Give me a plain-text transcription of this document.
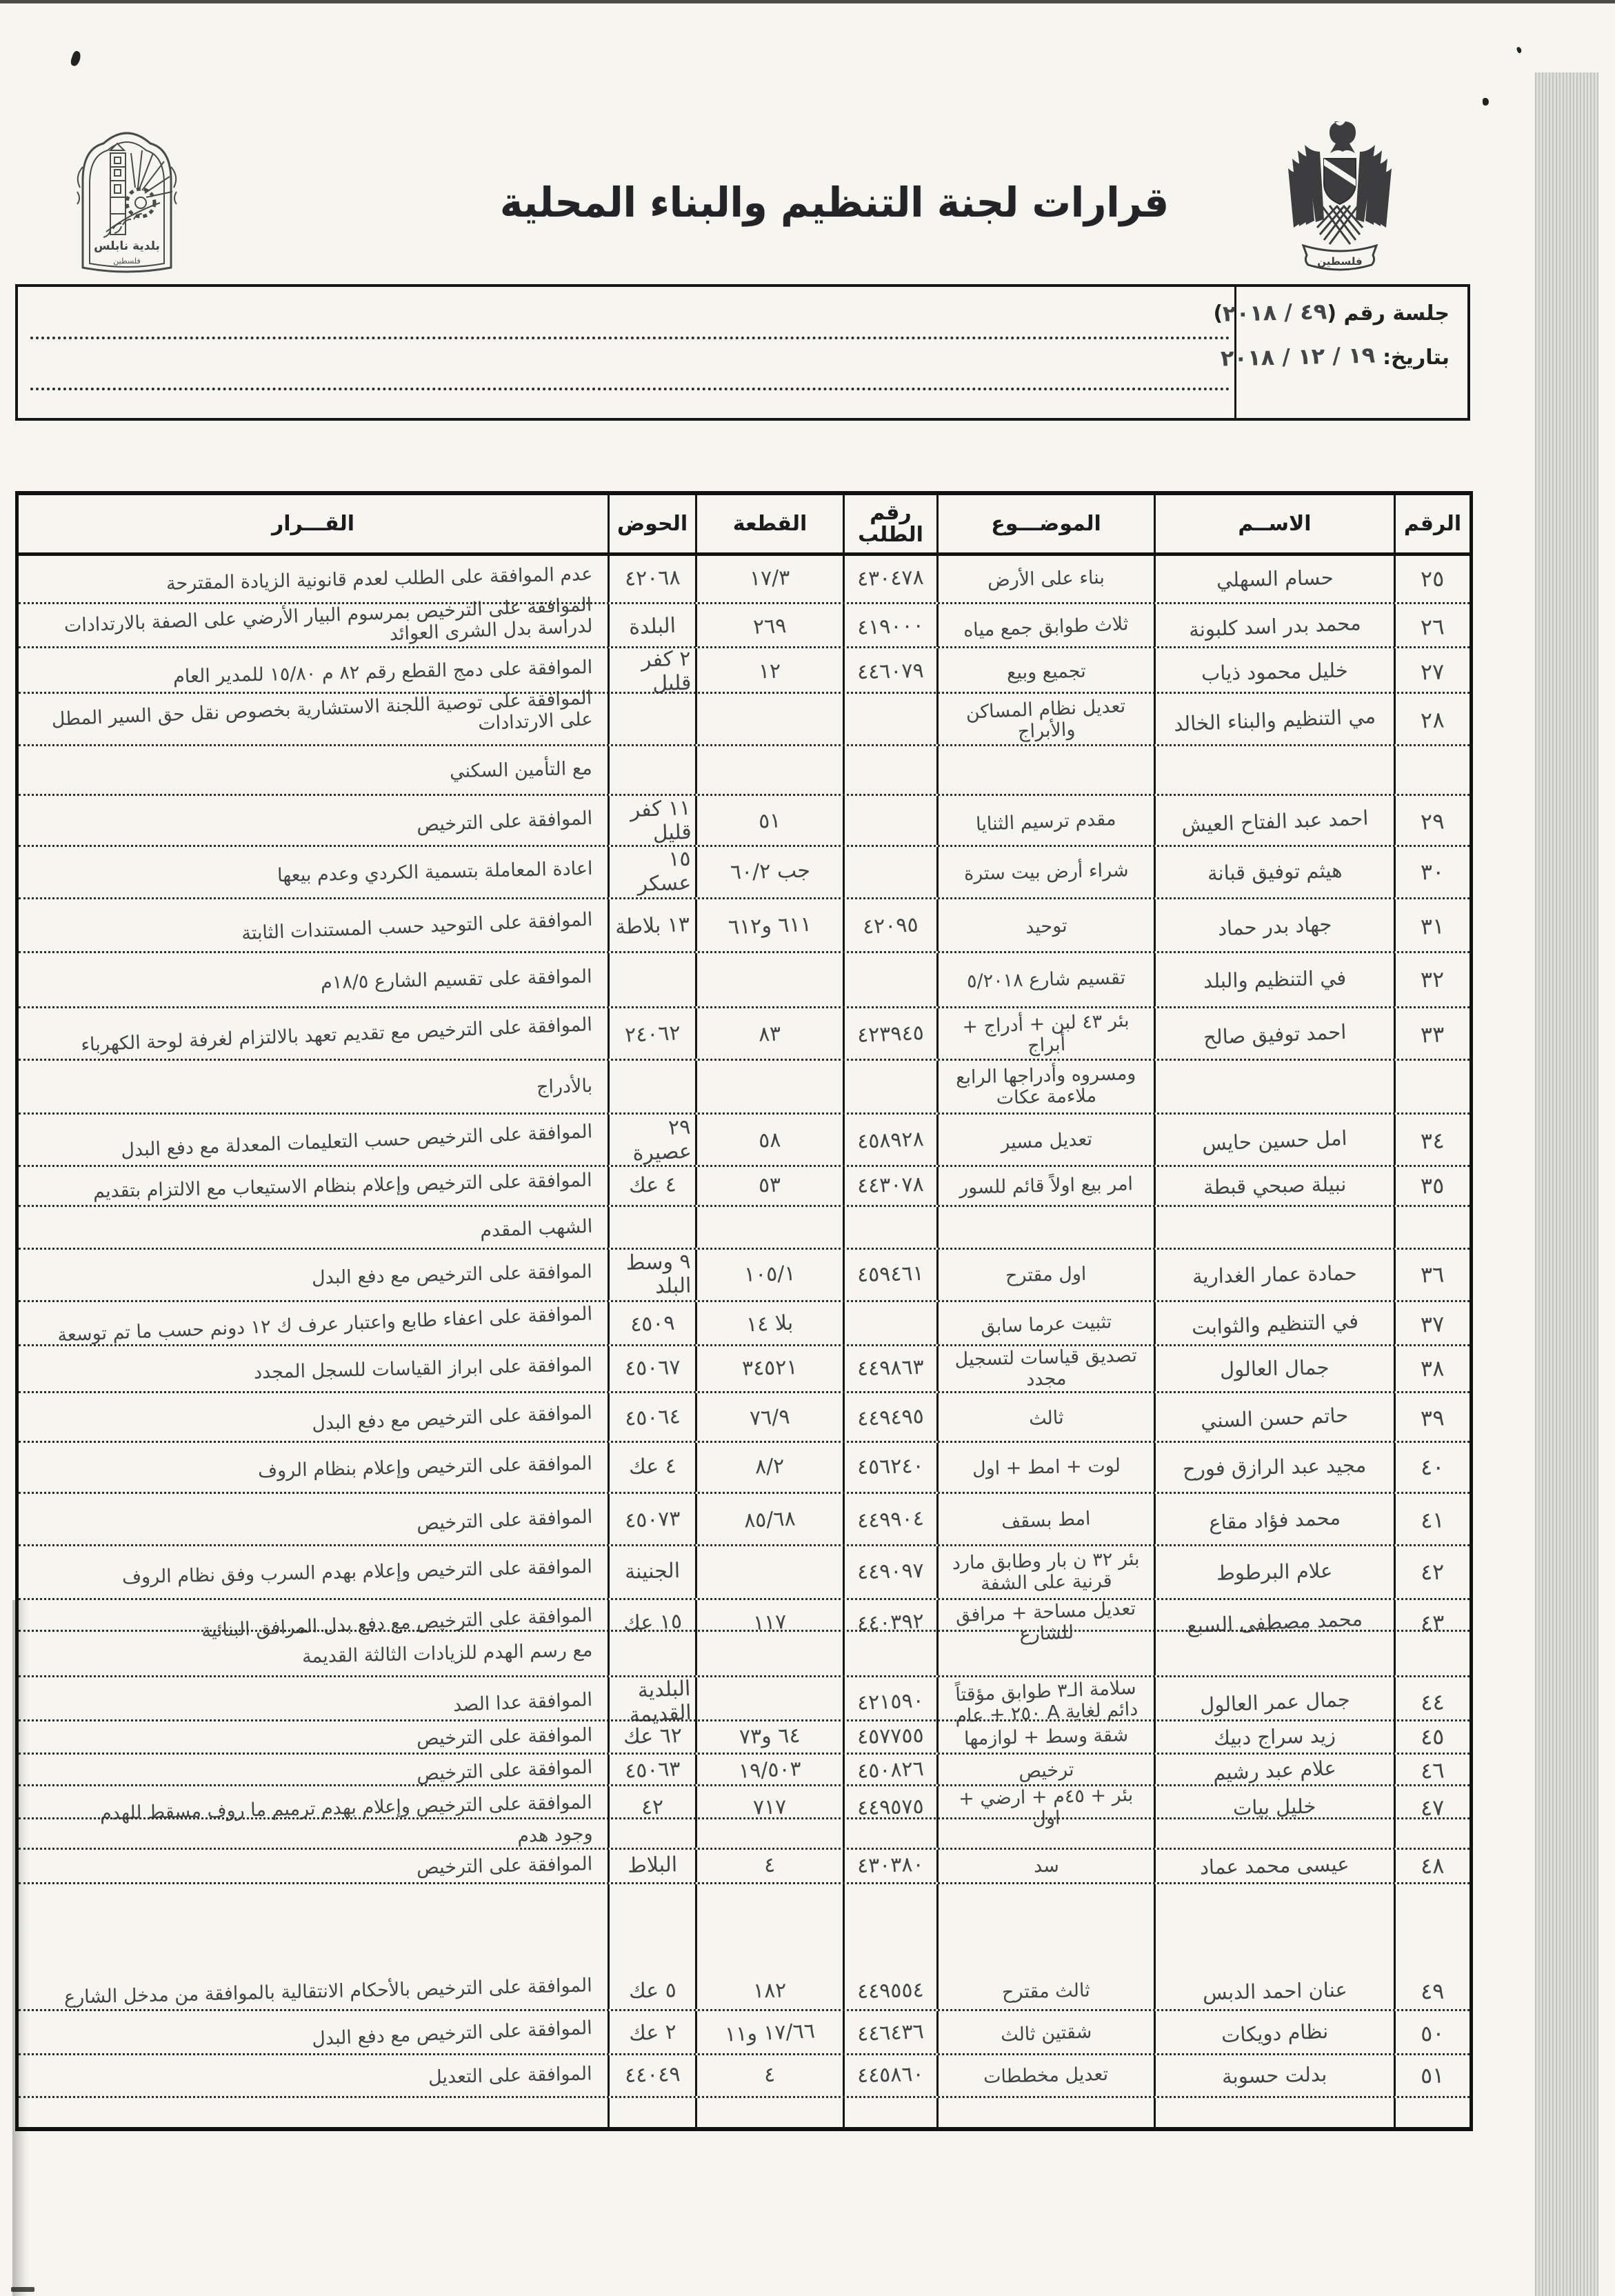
بلدية نابلس
فلسطين
قرارات لجنة التنظيم والبناء المحلية
فلسطين
جلسة رقم (٤٩ / ٢٠١٨)
بتاريخ: ١٩ / ١٢ / ٢٠١٨
الرقم
الاســم
الموضـــوع
رقم
الطلب
القطعة
الحوض
القـــرار
٢٥
حسام السهلي
بناء على الأرض
٤٣٠٤٧٨
١٧/٣
٤٢٠٦٨
عدم الموافقة على الطلب لعدم قانونية الزيادة المقترحة
٢٦
محمد بدر اسد كلبونة
ثلاث طوابق جمع مياه
٤١٩٠٠٠
٢٦٩
البلدة
الموافقة على الترخيص بمرسوم البيار الأرضي على الصفة بالارتدادات لدراسة بدل الشرى العوائد
٢٧
خليل محمود ذياب
تجميع وبيع
٤٤٦٠٧٩
١٢
٢ كفر قليل
الموافقة على دمج القطع رقم ٨٢ م ١٥/٨٠ للمدير العام
٢٨
مي التنظيم والبناء الخالد
تعديل نظام المساكن والأبراج
الموافقة على توصية اللجنة الاستشارية بخصوص نقل حق السير المطل على الارتدادات
مع التأمين السكني
٢٩
احمد عبد الفتاح العيش
مقدم ترسيم الثنايا
٥١
١١ كفر قليل
الموافقة على الترخيص
٣٠
هيثم توفيق قبانة
شراء أرض بيت سترة
جب ٦٠/٢
١٥ عسكر
اعادة المعاملة بتسمية الكردي وعدم بيعها
٣١
جهاد بدر حماد
توحيد
٤٢٠٩٥
٦١١ و٦١٢
١٣ بلاطة
الموافقة على التوحيد حسب المستندات الثابتة
٣٢
في التنظيم والبلد
تقسيم شارع ٥/٢٠١٨
الموافقة على تقسيم الشارع ١٨/٥م
٣٣
احمد توفيق صالح
بئر ٤٣ لبن + أدراج + أبراج
٤٢٣٩٤٥
٨٣
٢٤٠٦٢
الموافقة على الترخيص مع تقديم تعهد بالالتزام لغرفة لوحة الكهرباء
ومسروه وأدراجها الرابع ملاءمة عكات
بالأدراج
٣٤
امل حسين حايس
تعديل مسير
٤٥٨٩٢٨
٥٨
٢٩ عصيرة
الموافقة على الترخيص حسب التعليمات المعدلة مع دفع البدل
٣٥
نبيلة صبحي قبطة
امر بيع اولاً قائم للسور
٤٤٣٠٧٨
٥٣
٤ عك
الموافقة على الترخيص وإعلام بنظام الاستيعاب مع الالتزام بتقديم
الشهب المقدم
٣٦
حمادة عمار الغدارية
اول مقترح
٤٥٩٤٦١
١٠٥/١
٩ وسط البلد
الموافقة على الترخيص مع دفع البدل
٣٧
في التنظيم والثوابت
تثبيت عرما سابق
بلا ١٤
٤٥٠٩
الموافقة على اعفاء طابع واعتبار عرف ك ١٢ دونم حسب ما تم توسعة
٣٨
جمال العالول
تصديق قياسات لتسجيل مجدد
٤٤٩٨٦٣
٣٤٥٢١
٤٥٠٦٧
الموافقة على ابراز القياسات للسجل المجدد
٣٩
حاتم حسن السني
ثالث
٤٤٩٤٩٥
٧٦/٩
٤٥٠٦٤
الموافقة على الترخيص مع دفع البدل
٤٠
مجيد عبد الرازق فورح
لوت + امط + اول
٤٥٦٢٤٠
٨/٢
٤ عك
الموافقة على الترخيص وإعلام بنظام الروف
٤١
محمد فؤاد مقاع
امط بسقف
٤٤٩٩٠٤
٨٥/٦٨
٤٥٠٧٣
الموافقة على الترخيص
٤٢
علام البرطوط
بئر ٣٢ ن بار وطابق مارد قرنية على الشفة
٤٤٩٠٩٧
الجنينة
الموافقة على الترخيص وإعلام بهدم السرب وفق نظام الروف
٤٣
محمد مصطفى السبع
تعديل مساحة + مرافق للشارع
٤٤٠٣٩٢
١١٧
١٥ عك
الموافقة على الترخيص مع دفع بدل المرافق البنائية
مع رسم الهدم للزيادات الثالثة القديمة
٤٤
جمال عمر العالول
سلامة الـ٣ طوابق مؤقتاً دائم لغاية A ٢٥٠ + عام
٤٢١٥٩٠
البلدية القديمة
الموافقة عدا الصد
٤٥
زيد سراج دبيك
شقة وسط + لوازمها
٤٥٧٧٥٥
٦٤ و٧٣
٦٢ عك
الموافقة على الترخيص
٤٦
علام عبد رشيم
ترخيص
٤٥٠٨٢٦
١٩/٥٠٣
٤٥٠٦٣
الموافقة على الترخيص
٤٧
خليل بيات
بئر + ٤٥م + ارضي + اول
٤٤٩٥٧٥
٧١٧
٤٢
الموافقة على الترخيص وإعلام بهدم ترميم ما روف مسقط للهدم
وجود هدم
٤٨
عيسى محمد عماد
سد
٤٣٠٣٨٠
٤
البلاط
الموافقة على الترخيص
٤٩
عنان احمد الدبس
ثالث مقترح
٤٤٩٥٥٤
١٨٢
٥ عك
الموافقة على الترخيص بالأحكام الانتقالية بالموافقة من مدخل الشارع
٥٠
نظام دويكات
شقتين ثالث
٤٤٦٤٣٦
١٧/٦٦ و١١
٢ عك
الموافقة على الترخيص مع دفع البدل
٥١
بدلت حسوبة
تعديل مخططات
٤٤٥٨٦٠
٤
٤٤٠٤٩
الموافقة على التعديل
